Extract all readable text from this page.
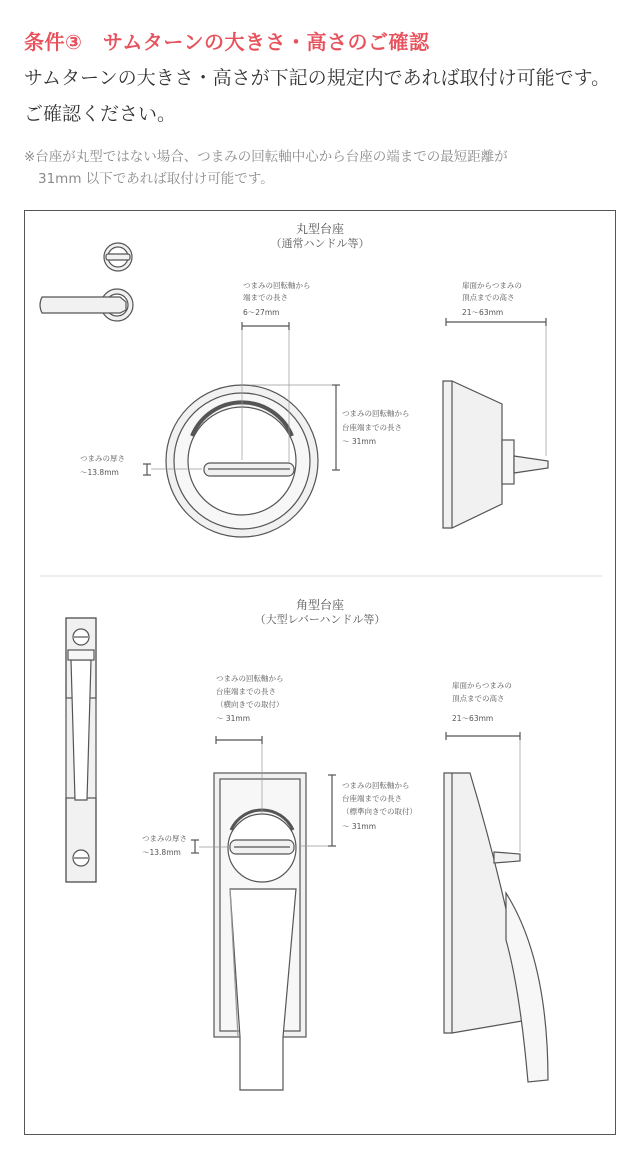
条件③　サムターンの大きさ・高さのご確認
サムターンの大きさ・高さが下記の規定内であれば取付け可能です。ご確認ください。
※台座が丸型ではない場合、つまみの回転軸中心から台座の端までの最短距離が
31mm 以下であれば取付け可能です。
丸型台座
（通常ハンドル等）
角型台座
（大型レバーハンドル等）
つまみの回転軸から
端までの長さ
6〜27mm
つまみの回転軸から
台座端までの長さ
〜 31mm
扉面からつまみの
頂点までの高さ
21〜63mm
つまみの厚さ
〜13.8mm
つまみの回転軸から
台座端までの長さ
（横向きでの取付）
〜 31mm
つまみの回転軸から
台座端までの長さ
（標準向きでの取付）
〜 31mm
扉面からつまみの
頂点までの高さ
21〜63mm
つまみの厚さ
〜13.8mm
